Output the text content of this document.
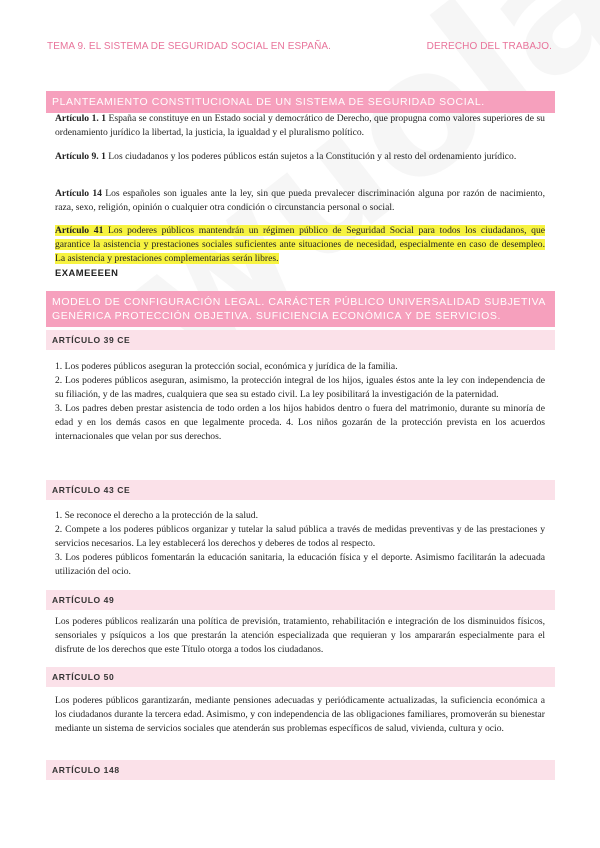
TEMA 9. EL SISTEMA DE SEGURIDAD SOCIAL EN ESPAÑA.	DERECHO DEL TRABAJO.
PLANTEAMIENTO CONSTITUCIONAL DE UN SISTEMA DE SEGURIDAD SOCIAL.
Artículo 1. 1 España se constituye en un Estado social y democrático de Derecho, que propugna como valores superiores de su ordenamiento jurídico la libertad, la justicia, la igualdad y el pluralismo político.
Artículo 9. 1 Los ciudadanos y los poderes públicos están sujetos a la Constitución y al resto del ordenamiento jurídico.
Artículo 14 Los españoles son iguales ante la ley, sin que pueda prevalecer discriminación alguna por razón de nacimiento, raza, sexo, religión, opinión o cualquier otra condición o circunstancia personal o social.
Artículo 41 Los poderes públicos mantendrán un régimen público de Seguridad Social para todos los ciudadanos, que garantice la asistencia y prestaciones sociales suficientes ante situaciones de necesidad, especialmente en caso de desempleo. La asistencia y prestaciones complementarias serán libres.
EXAMEEEEN
MODELO DE CONFIGURACIÓN LEGAL. CARÁCTER PÚBLICO UNIVERSALIDAD SUBJETIVA GENÉRICA PROTECCIÓN OBJETIVA. SUFICIENCIA ECONÓMICA Y DE SERVICIOS.
ARTÍCULO 39 CE
1. Los poderes públicos aseguran la protección social, económica y jurídica de la familia.
2. Los poderes públicos aseguran, asimismo, la protección integral de los hijos, iguales éstos ante la ley con independencia de su filiación, y de las madres, cualquiera que sea su estado civil. La ley posibilitará la investigación de la paternidad.
3. Los padres deben prestar asistencia de todo orden a los hijos habidos dentro o fuera del matrimonio, durante su minoría de edad y en los demás casos en que legalmente proceda. 4. Los niños gozarán de la protección prevista en los acuerdos internacionales que velan por sus derechos.
ARTÍCULO 43 CE
1. Se reconoce el derecho a la protección de la salud.
2. Compete a los poderes públicos organizar y tutelar la salud pública a través de medidas preventivas y de las prestaciones y servicios necesarios. La ley establecerá los derechos y deberes de todos al respecto.
3. Los poderes públicos fomentarán la educación sanitaria, la educación física y el deporte. Asimismo facilitarán la adecuada utilización del ocio.
ARTÍCULO 49
Los poderes públicos realizarán una política de previsión, tratamiento, rehabilitación e integración de los disminuidos físicos, sensoriales y psíquicos a los que prestarán la atención especializada que requieran y los ampararán especialmente para el disfrute de los derechos que este Título otorga a todos los ciudadanos.
ARTÍCULO 50
Los poderes públicos garantizarán, mediante pensiones adecuadas y periódicamente actualizadas, la suficiencia económica a los ciudadanos durante la tercera edad. Asimismo, y con independencia de las obligaciones familiares, promoverán su bienestar mediante un sistema de servicios sociales que atenderán sus problemas específicos de salud, vivienda, cultura y ocio.
ARTÍCULO 148
